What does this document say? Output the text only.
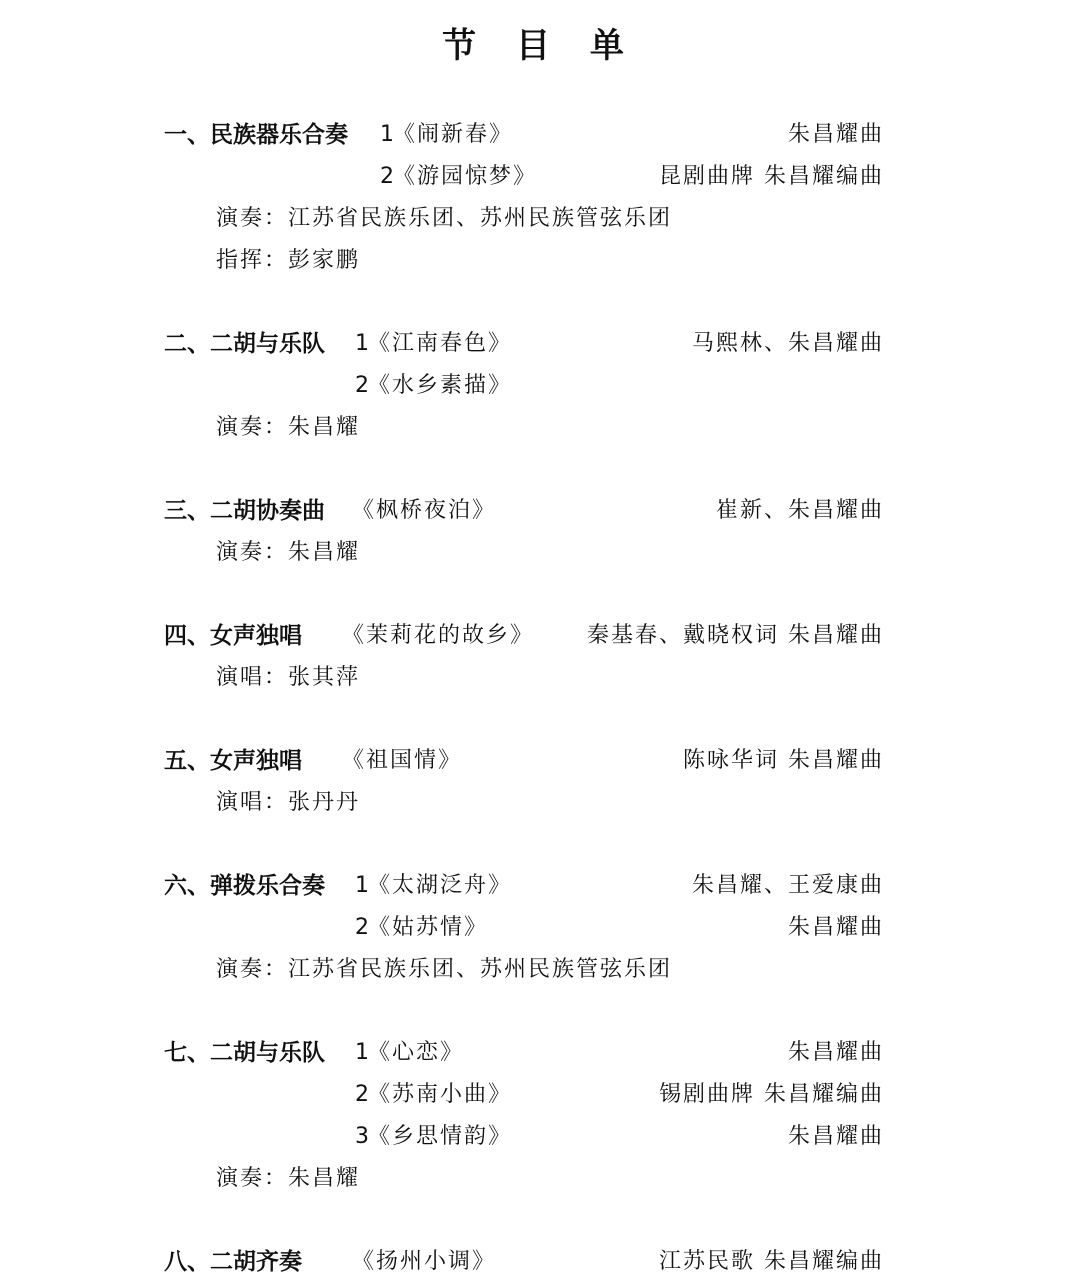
节 目 单
一、民族器乐合奏 1 《闹新春》	朱昌耀曲
2 《游园惊梦》	昆剧曲牌 朱昌耀编曲
演奏：江苏省民族乐团、苏州民族管弦乐团
指挥：彭家鹏
二、二胡与乐队 1 《江南春色》	马熙林、朱昌耀曲
2 《水乡素描》
演奏：朱昌耀
三、二胡协奏曲 《枫桥夜泊》	崔新、朱昌耀曲
演奏：朱昌耀
四、女声独唱 《茉莉花的故乡》 秦基春、戴晓权词 朱昌耀曲
演唱：张其萍
五、女声独唱 《祖国情》	陈咏华词 朱昌耀曲
演唱：张丹丹
六、弹拨乐合奏 1 《太湖泛舟》	朱昌耀、王爱康曲
2 《姑苏情》	朱昌耀曲
演奏：江苏省民族乐团、苏州民族管弦乐团
七、二胡与乐队 1 《心恋》	朱昌耀曲
2 《苏南小曲》	锡剧曲牌 朱昌耀编曲
3 《乡思情韵》	朱昌耀曲
演奏：朱昌耀
八、二胡齐奏 《扬州小调》	江苏民歌 朱昌耀编曲
